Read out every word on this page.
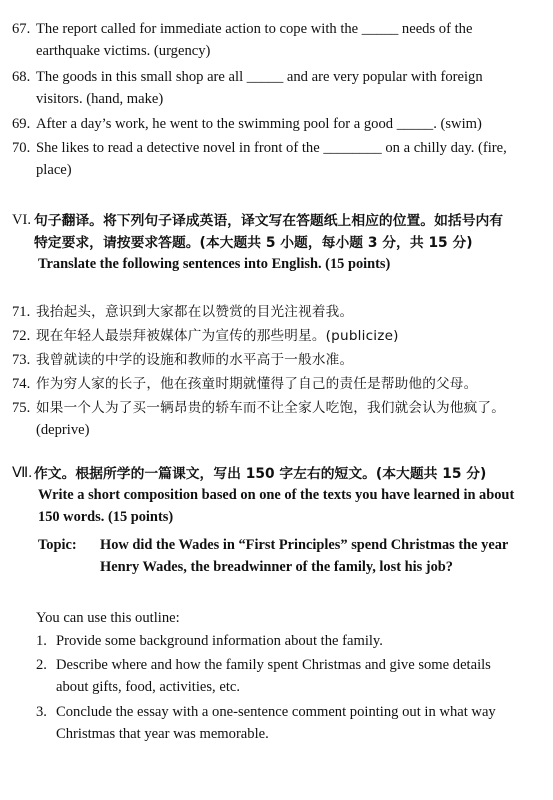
67. The report called for immediate action to cope with the _____ needs of the
earthquake victims. (urgency)
68. The goods in this small shop are all _____ and are very popular with foreign
visitors. (hand, make)
69. After a day’s work, he went to the swimming pool for a good _____. (swim)
70. She likes to read a detective novel in front of the ________ on a chilly day. (fire,
place)
VI. 句子翻译。将下列句子译成英语，译文写在答题纸上相应的位置。如括号内有
特定要求，请按要求答题。(本大题共 5 小题，每小题 3 分，共 15 分)
Translate the following sentences into English. (15 points)
71. 我抬起头，意识到大家都在以赞赏的目光注视着我。
72. 现在年轻人最崇拜被媒体广为宣传的那些明星。(publicize)
73. 我曾就读的中学的设施和教师的水平高于一般水准。
74. 作为穷人家的长子，他在孩童时期就懂得了自己的责任是帮助他的父母。
75. 如果一个人为了买一辆昂贵的轿车而不让全家人吃饱，我们就会认为他疯了。
(deprive)
Ⅶ. 作文。根据所学的一篇课文，写出 150 字左右的短文。(本大题共 15 分)
Write a short composition based on one of the texts you have learned in about
150 words. (15 points)
Topic: How did the Wades in “First Principles” spend Christmas the year
Henry Wades, the breadwinner of the family, lost his job?
You can use this outline:
1. Provide some background information about the family.
2. Describe where and how the family spent Christmas and give some details
about gifts, food, activities, etc.
3. Conclude the essay with a one-sentence comment pointing out in what way
Christmas that year was memorable.
